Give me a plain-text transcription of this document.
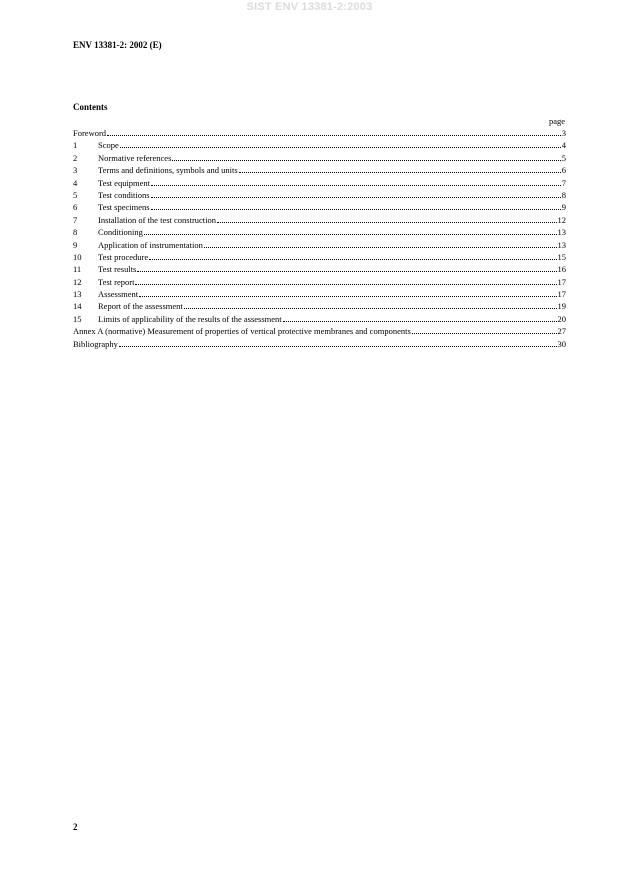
SIST ENV 13381-2:2003
ENV 13381-2: 2002 (E)
Contents
page
Foreword	3
1	Scope	4
2	Normative references	5
3	Terms and definitions, symbols and units	6
4	Test equipment	7
5	Test conditions	8
6	Test specimens	9
7	Installation of the test construction	12
8	Conditioning	13
9	Application of instrumentation	13
10	Test procedure	15
11	Test results	16
12	Test report	17
13	Assessment	17
14	Report of the assessment	19
15	Limits of applicability of the results of the assessment	20
Annex A (normative) Measurement of properties of vertical protective membranes and components	27
Bibliography	30
2
